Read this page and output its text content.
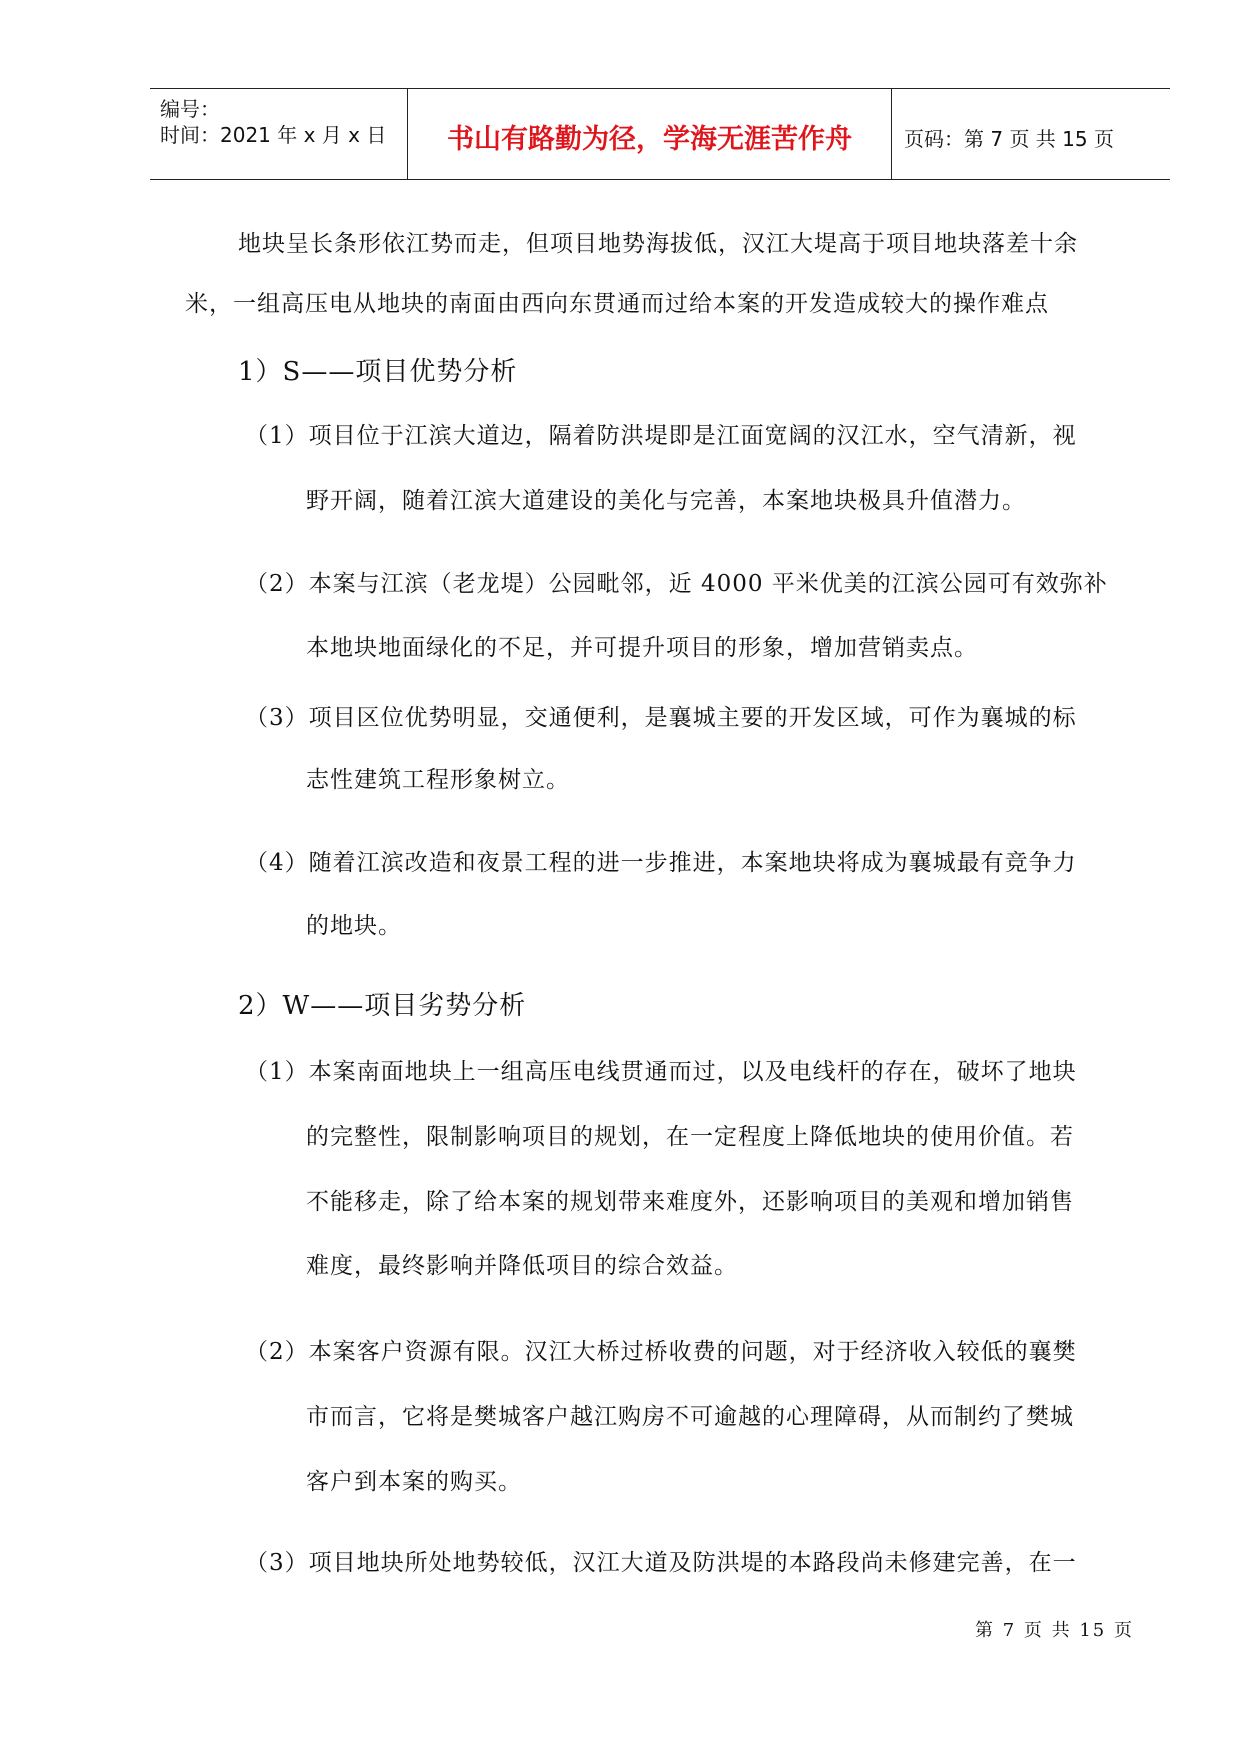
编号：
时间：2021 年 x 月 x 日	书山有路勤为径，学海无涯苦作舟	页码：第 7 页 共 15 页
地块呈长条形依江势而走，但项目地势海拔低，汉江大堤高于项目地块落差十余
米，一组高压电从地块的南面由西向东贯通而过给本案的开发造成较大的操作难点
1）S——项目优势分析
（1）项目位于江滨大道边，隔着防洪堤即是江面宽阔的汉江水，空气清新，视
野开阔，随着江滨大道建设的美化与完善，本案地块极具升值潜力。
（2）本案与江滨（老龙堤）公园毗邻，近 4000 平米优美的江滨公园可有效弥补
本地块地面绿化的不足，并可提升项目的形象，增加营销卖点。
（3）项目区位优势明显，交通便利，是襄城主要的开发区域，可作为襄城的标
志性建筑工程形象树立。
（4）随着江滨改造和夜景工程的进一步推进，本案地块将成为襄城最有竞争力
的地块。
2）W——项目劣势分析
（1）本案南面地块上一组高压电线贯通而过，以及电线杆的存在，破坏了地块
的完整性，限制影响项目的规划，在一定程度上降低地块的使用价值。若
不能移走，除了给本案的规划带来难度外，还影响项目的美观和增加销售
难度，最终影响并降低项目的综合效益。
（2）本案客户资源有限。汉江大桥过桥收费的问题，对于经济收入较低的襄樊
市而言，它将是樊城客户越江购房不可逾越的心理障碍，从而制约了樊城
客户到本案的购买。
（3）项目地块所处地势较低，汉江大道及防洪堤的本路段尚未修建完善，在一
第 7 页 共 15 页
